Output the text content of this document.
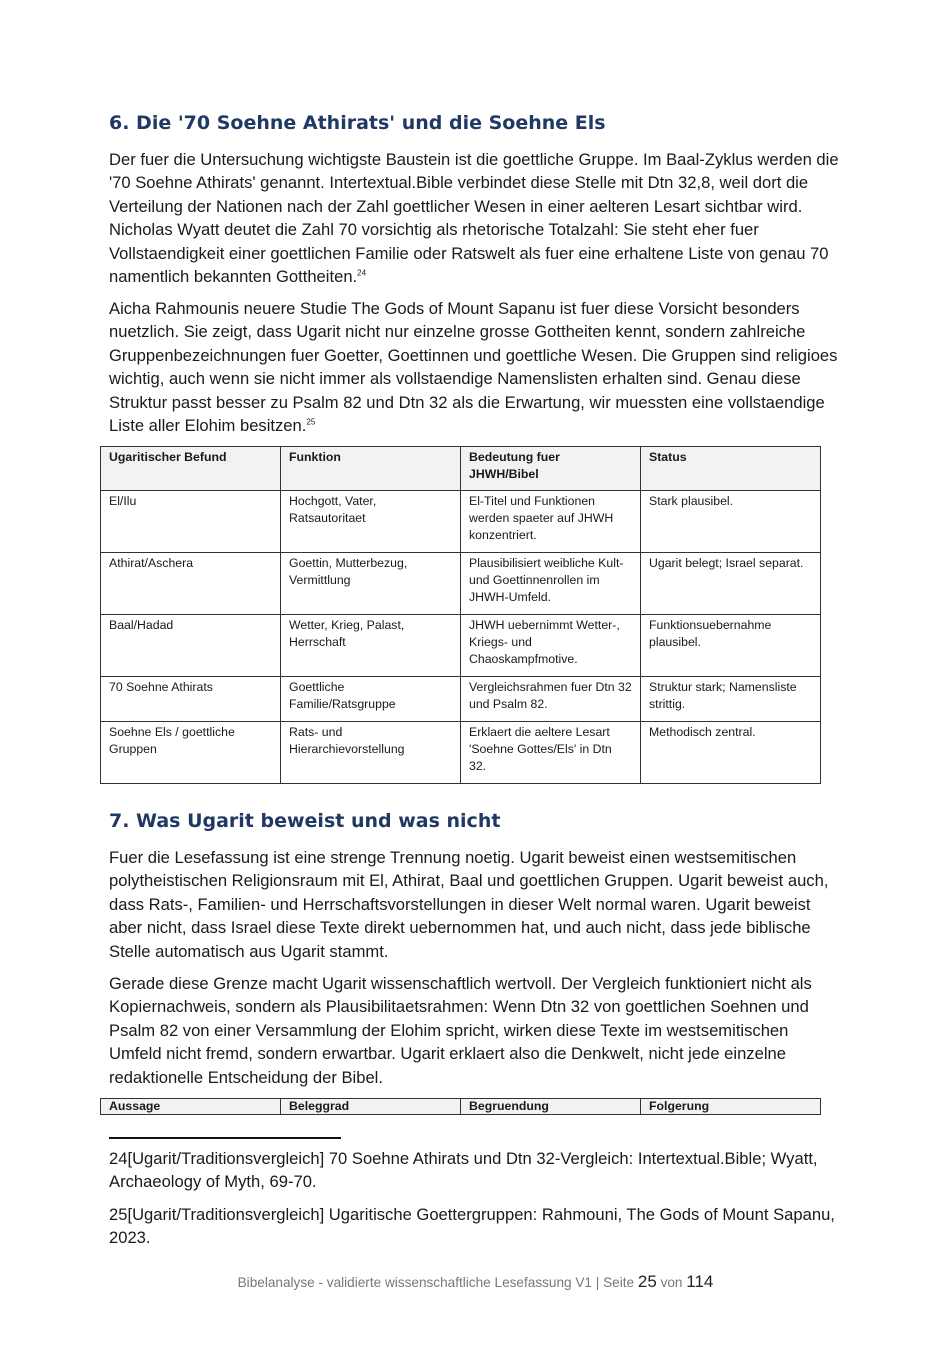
6. Die '70 Soehne Athirats' und die Soehne Els

Der fuer die Untersuchung wichtigste Baustein ist die goettliche Gruppe. Im Baal-Zyklus werden die '70 Soehne Athirats' genannt. Intertextual.Bible verbindet diese Stelle mit Dtn 32,8, weil dort die Verteilung der Nationen nach der Zahl goettlicher Wesen in einer aelteren Lesart sichtbar wird. Nicholas Wyatt deutet die Zahl 70 vorsichtig als rhetorische Totalzahl: Sie steht eher fuer Vollstaendigkeit einer goettlichen Familie oder Ratswelt als fuer eine erhaltene Liste von genau 70 namentlich bekannten Gottheiten.$^{24}$

Aicha Rahmounis neuere Studie The Gods of Mount Sapanu ist fuer diese Vorsicht besonders nuetzlich. Sie zeigt, dass Ugarit nicht nur einzelne grosse Gottheiten kennt, sondern zahlreiche Gruppenbezeichnungen fuer Goetter, Goettinnen und goettliche Wesen. Die Gruppen sind religioes wichtig, auch wenn sie nicht immer als vollstaendige Namenslisten erhalten sind. Genau diese Struktur passt besser zu Psalm 82 und Dtn 32 als die Erwartung, wir muessten eine vollstaendige Liste aller Elohim besitzen.$^{25}$

Ugaritischer Befund	Funktion	Bedeutung fuer JHWH/Bibel	Status
El/Ilu	Hochgott, Vater, Ratsautoritaet	El-Titel und Funktionen werden spaeter auf JHWH konzentriert.	Stark plausibel.
Athirat/Aschera	Goettin, Mutterbezug, Vermittlung	Plausibilisiert weibliche Kult- und Goettinnenrollen im JHWH-Umfeld.	Ugarit belegt; Israel separat.
Baal/Hadad	Wetter, Krieg, Palast, Herrschaft	JHWH uebernimmt Wetter-, Kriegs- und Chaoskampfmotive.	Funktionsuebernahme plausibel.
70 Soehne Athirats	Goettliche Familie/Ratsgruppe	Vergleichsrahmen fuer Dtn 32 und Psalm 82.	Struktur stark; Namensliste strittig.
Soehne Els / goettliche Gruppen	Rats- und Hierarchievorstellung	Erklaert die aeltere Lesart 'Soehne Gottes/Els' in Dtn 32.	Methodisch zentral.
7. Was Ugarit beweist und was nicht

Fuer die Lesefassung ist eine strenge Trennung noetig. Ugarit beweist einen westsemitischen polytheistischen Religionsraum mit El, Athirat, Baal und goettlichen Gruppen. Ugarit beweist auch, dass Rats-, Familien- und Herrschaftsvorstellungen in dieser Welt normal waren. Ugarit beweist aber nicht, dass Israel diese Texte direkt uebernommen hat, und auch nicht, dass jede biblische Stelle automatisch aus Ugarit stammt.

Gerade diese Grenze macht Ugarit wissenschaftlich wertvoll. Der Vergleich funktioniert nicht als Kopiernachweis, sondern als Plausibilitaetsrahmen: Wenn Dtn 32 von goettlichen Soehnen und Psalm 82 von einer Versammlung der Elohim spricht, wirken diese Texte im westsemitischen Umfeld nicht fremd, sondern erwartbar. Ugarit erklaert also die Denkwelt, nicht jede einzelne redaktionelle Entscheidung der Bibel.

Aussage	Beleggrad	Begruendung	Folgerung

24[Ugarit/Traditionsvergleich] 70 Soehne Athirats und Dtn 32-Vergleich: Intertextual.Bible; Wyatt, Archaeology of Myth, 69-70.

25[Ugarit/Traditionsvergleich] Ugaritische Goettergruppen: Rahmouni, The Gods of Mount Sapanu, 2023.

Bibelanalyse - validierte wissenschaftliche Lesefassung V1 | Seite 25 von 114
